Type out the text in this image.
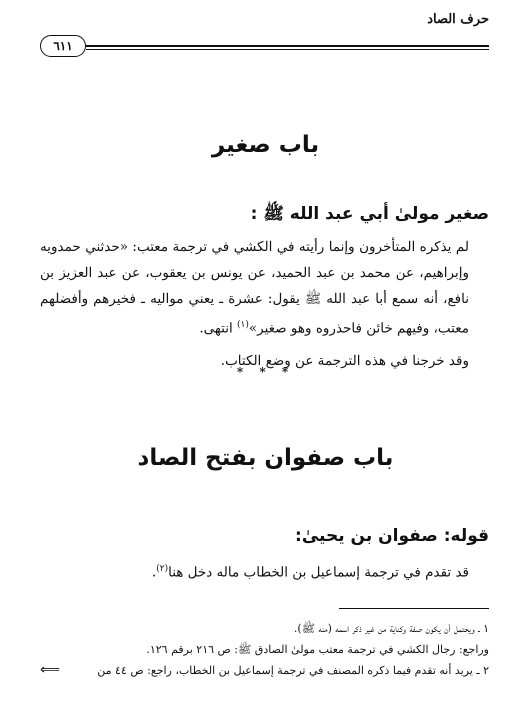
حرف الصاد
٦١١
باب صغير
صغير مولىٰ أبي عبد الله ﷺ :

لم يذكره المتأخرون وإنما رأيته في الكشي في ترجمة معتب: «حدثني حمدويه وإبراهيم، عن محمد بن عبد الحميد، عن يونس بن يعقوب، عن عبد العزيز بن نافع، أنه سمع أبا عبد الله ﷺ يقول: عشرة ـ يعني مواليه ـ فخيرهم وأفضلهم معتب، وفيهم خائن فاحذروه وهو صغير»$^{(١)}$ انتهى.

وقد خرجنا في هذه الترجمة عن وضع الكتاب.

* * *
باب صفوان بفتح الصاد
قوله: صفوان بن يحيىٰ:

قد تقدم في ترجمة إسماعيل بن الخطاب ماله دخل هنا$^{(٢)}$.

١ ـ ويحتمل أن يكون صفة وكناية من غير ذكر اسمه (منه ﷺ).

وراجع: رجال الكشي في ترجمة معتب مولىٰ الصادق ﷺ: ص ٢١٦ برقم ١٢٦.

٢ ـ يريد أنه تقدم فيما ذكره المصنف في ترجمة إسماعيل بن الخطاب، راجع: ص ٤٤ من
⟸
